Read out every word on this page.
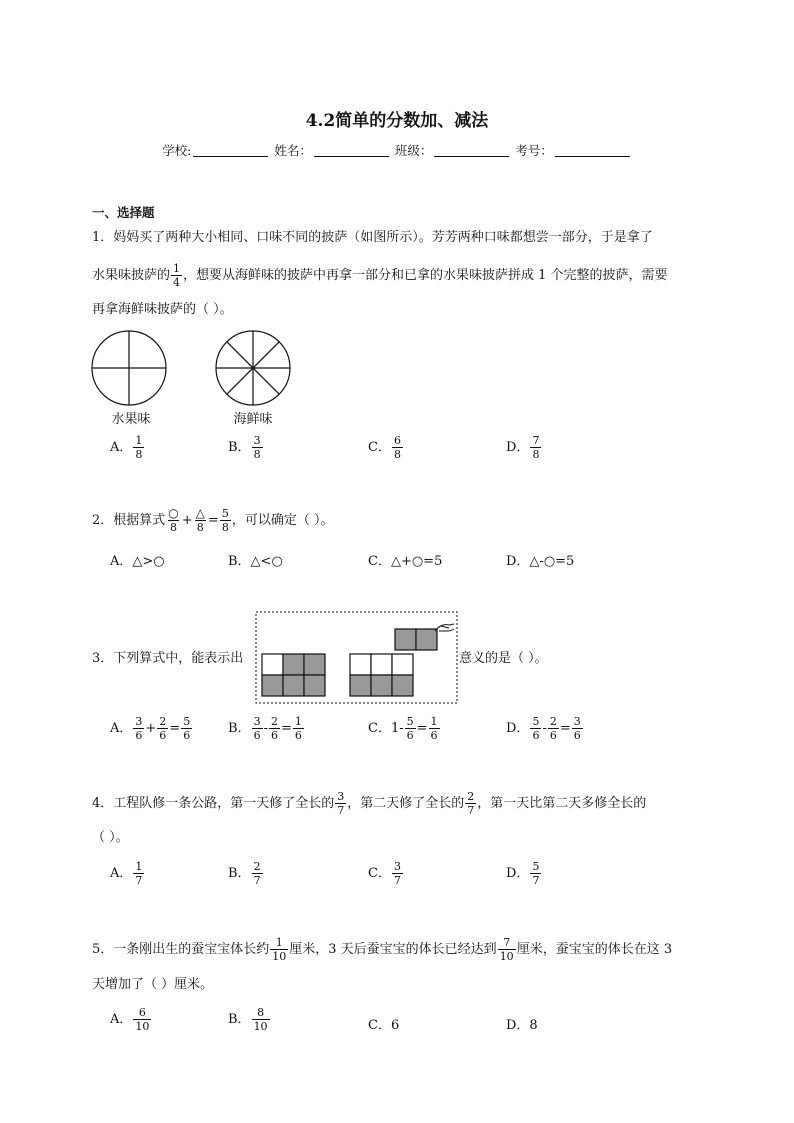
4.2简单的分数加、减法
学校:	姓名：	班级：	考号：
一、选择题
1．妈妈买了两种大小相同、口味不同的披萨（如图所示）。芳芳两种口味都想尝一部分，于是拿了
水果味披萨的 $\frac{1}{4}$ ，想要从海鲜味的披萨中再拿一部分和已拿的水果味披萨拼成 1 个完整的披萨，需要
再拿海鲜味披萨的（ ）。
水果味	海鲜味
A． $\frac{1}{8}$	B． $\frac{3}{8}$	C． $\frac{6}{8}$	D． $\frac{7}{8}$
2．根据算式 $\frac{○}{8} + \frac{\triangle}{8} = \frac{5}{8}$ ，可以确定（ ）。
A．△>○	B．△<○	C．△+○=5	D．△-○=5
3．下列算式中，能表示出	意义的是（ ）。
A． $\frac{3}{6} + \frac{2}{6} = \frac{5}{6}$	B． $\frac{3}{6} - \frac{2}{6} = \frac{1}{6}$	C．$1- \frac{5}{6} = \frac{1}{6}$	D． $\frac{5}{6} - \frac{2}{6} = \frac{3}{6}$
4．工程队修一条公路，第一天修了全长的 $\frac{3}{7}$ ，第二天修了全长的 $\frac{2}{7}$ ，第一天比第二天多修全长的
（ ）。
A． $\frac{1}{7}$	B． $\frac{2}{7}$	C． $\frac{3}{7}$	D． $\frac{5}{7}$
5．一条刚出生的蚕宝宝体长约 $\frac{1}{10}$ 厘米，3 天后蚕宝宝的体长已经达到 $\frac{7}{10}$ 厘米，蚕宝宝的体长在这 3
天增加了（ ）厘米。
A． $\frac{6}{10}$	B． $\frac{8}{10}$	C．6	D．8
